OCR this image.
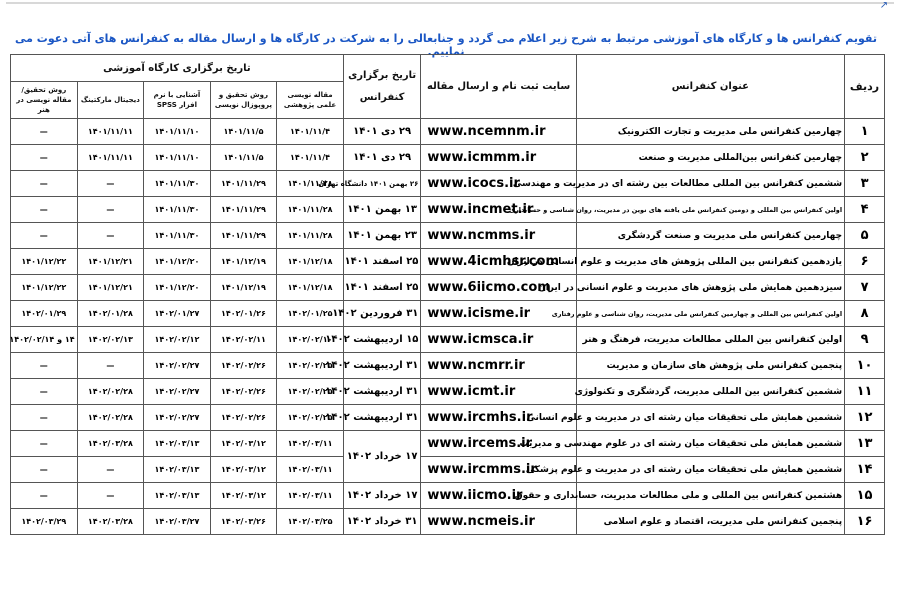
↗
تقویم کنفرانس ها و کارگاه های آموزشی مرتبط به شرح زیر اعلام می گردد و جنابعالی را به شرکت در کارگاه ها و ارسال مقاله به کنفرانس های آتی دعوت می نماییم.
ردیف	عنوان کنفرانس	سایت ثبت نام و ارسال مقاله	تاریخ برگزاری کنفرانس	تاریخ برگزاری کارگاه آموزشی				
				مقاله نویسی علمی پژوهشی	روش تحقیق و پروپوزال نویسی	آشنایی با نرم افزار SPSS	دیجیتال مارکتینگ	روش تحقیق/ مقاله نویسی در هنر
۱	چهارمین کنفرانس ملی مدیریت و تجارت الکترونیک	www.ncemnm.ir	۲۹ دی ۱۴۰۱	۱۴۰۱/۱۱/۴	۱۴۰۱/۱۱/۵	۱۴۰۱/۱۱/۱۰	۱۴۰۱/۱۱/۱۱	—
۲	چهارمین کنفرانس بین‌المللی مدیریت و صنعت	www.icmmm.ir	۲۹ دی ۱۴۰۱	۱۴۰۱/۱۱/۴	۱۴۰۱/۱۱/۵	۱۴۰۱/۱۱/۱۰	۱۴۰۱/۱۱/۱۱	—
۳	ششمین کنفرانس بین المللی مطالعات بین رشته ای در مدیریت و مهندسی	www.icocs.ir	۲۶ بهمن ۱۴۰۱ دانشگاه تهران	۱۴۰۱/۱۱/۲۸	۱۴۰۱/۱۱/۲۹	۱۴۰۱/۱۱/۳۰	—	—
۴	اولین کنفرانس بین المللی و دومین کنفرانس ملی یافته های نوین در مدیریت، روان شناسی و حسابداری	www.incmet.ir	۱۳ بهمن ۱۴۰۱	۱۴۰۱/۱۱/۲۸	۱۴۰۱/۱۱/۲۹	۱۴۰۱/۱۱/۳۰	—	—
۵	چهارمین کنفرانس ملی مدیریت و صنعت گردشگری	www.ncmms.ir	۲۳ بهمن ۱۴۰۱	۱۴۰۱/۱۱/۲۸	۱۴۰۱/۱۱/۲۹	۱۴۰۱/۱۱/۳۰	—	—
۶	یازدهمین کنفرانس بین المللی پژوهش های مدیریت و علوم انسانی در ایران	www.4icmhsr.com	۲۵ اسفند ۱۴۰۱	۱۴۰۱/۱۲/۱۸	۱۴۰۱/۱۲/۱۹	۱۴۰۱/۱۲/۲۰	۱۴۰۱/۱۲/۲۱	۱۴۰۱/۱۲/۲۲
۷	سیزدهمین همایش ملی پژوهش های مدیریت و علوم انسانی در ایران	www.6iicmo.com	۲۵ اسفند ۱۴۰۱	۱۴۰۱/۱۲/۱۸	۱۴۰۱/۱۲/۱۹	۱۴۰۱/۱۲/۲۰	۱۴۰۱/۱۲/۲۱	۱۴۰۱/۱۲/۲۲
۸	اولین کنفرانس بین المللی و چهارمین کنفرانس ملی مدیریت، روان شناسی و علوم رفتاری	www.icisme.ir	۳۱ فروردین ۱۴۰۲	۱۴۰۲/۰۱/۲۵	۱۴۰۲/۰۱/۲۶	۱۴۰۲/۰۱/۲۷	۱۴۰۲/۰۱/۲۸	۱۴۰۲/۰۱/۲۹
۹	اولین کنفرانس بین المللی مطالعات مدیریت، فرهنگ و هنر	www.icmsca.ir	۱۵ اردیبهشت ۱۴۰۲	۱۴۰۲/۰۲/۱۰	۱۴۰۲/۰۲/۱۱	۱۴۰۲/۰۲/۱۲	۱۴۰۲/۰۲/۱۳	۱۴ و ۱۴۰۲/۰۲/۱۴
۱۰	پنجمین کنفرانس ملی پژوهش های سازمان و مدیریت	www.ncmrr.ir	۳۱ اردیبهشت ۱۴۰۲	۱۴۰۲/۰۲/۲۵	۱۴۰۲/۰۲/۲۶	۱۴۰۲/۰۲/۲۷	—	—
۱۱	ششمین کنفرانس بین المللی مدیریت، گردشگری و تکنولوژی	www.icmt.ir	۳۱ اردیبهشت ۱۴۰۲	۱۴۰۲/۰۲/۲۵	۱۴۰۲/۰۲/۲۶	۱۴۰۲/۰۲/۲۷	۱۴۰۲/۰۲/۲۸	—
۱۲	ششمین همایش ملی تحقیقات میان رشته ای در مدیریت و علوم انسانی	www.ircmhs.ir	۳۱ اردیبهشت ۱۴۰۲	۱۴۰۲/۰۲/۲۵	۱۴۰۲/۰۲/۲۶	۱۴۰۲/۰۲/۲۷	۱۴۰۲/۰۲/۲۸	—
۱۳	ششمین همایش ملی تحقیقات میان رشته ای در علوم مهندسی و مدیریت	www.ircems.ir	۱۷ خرداد ۱۴۰۲	۱۴۰۲/۰۳/۱۱	۱۴۰۲/۰۳/۱۲	۱۴۰۲/۰۳/۱۳	۱۴۰۲/۰۳/۲۸	—
۱۴	ششمین همایش ملی تحقیقات میان رشته ای در مدیریت و علوم پزشکی	www.ircmms.ir		۱۴۰۲/۰۳/۱۱	۱۴۰۲/۰۳/۱۲	۱۴۰۲/۰۳/۱۳	—	—
۱۵	هشتمین کنفرانس بین المللی و ملی مطالعات مدیریت، حسابداری و حقوق	www.iicmo.ir	۱۷ خرداد ۱۴۰۲	۱۴۰۲/۰۳/۱۱	۱۴۰۲/۰۳/۱۲	۱۴۰۲/۰۳/۱۳	—	—
۱۶	پنجمین کنفرانس ملی مدیریت، اقتصاد و علوم اسلامی	www.ncmeis.ir	۳۱ خرداد ۱۴۰۲	۱۴۰۲/۰۳/۲۵	۱۴۰۲/۰۳/۲۶	۱۴۰۲/۰۳/۲۷	۱۴۰۲/۰۳/۲۸	۱۴۰۲/۰۳/۲۹
